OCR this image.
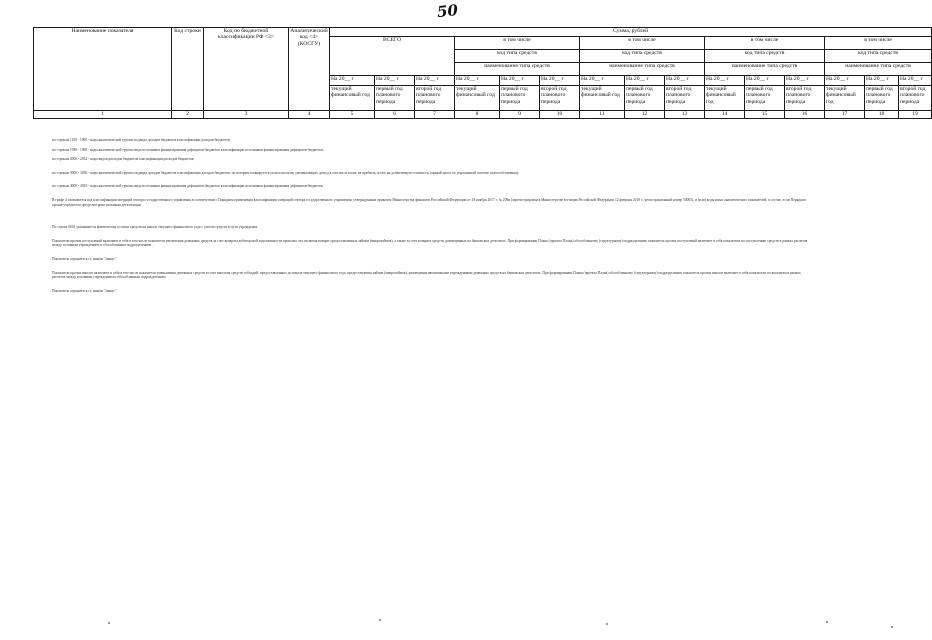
50
Наименование показателя	Код строки	Код по бюджетной классификации РФ <3>	Аналитический код <4> (КОСГУ)	Сумма, рублей														
				ВСЕГО			в том числе			в том числе			в том числе			в том числе		
							код типа средств			код типа средств			код типа средств			код типа средств		
							наименование типа средств			наименование типа средств			наименование типа средств			наименование типа средств		
				На 20__ г	На 20__ г	На 20__ г	На 20__ г	На 20__ г	На 20__ г	На 20__ г	На 20__ г	На 20__ г	На 20__ г	На 20__ г	На 20__ г	На 20__ г	На 20__ г	На 20__ г
				текущий финансовый год	первый год планового периода	второй год планового периода	текущий финансовый год	первый год планового периода	второй год планового периода	текущий финансовый год	первый год планового периода	второй год планового периода	текущий финансовый год	первый год планового периода	второй год планового периода	текущий финансовый год	первый год планового периода	второй год планового периода
1	2	3	4	5	6	7	8	9	10	11	12	13	14	15	16	17	18	19

по строкам 1100 - 1900 - коды аналитической группы подвида доходов бюджетов классификации доходов бюджетов;

по строкам 1980 - 1990 - коды аналитической группы вида источников финансирования дефицитов бюджетов классификации источников финансирования дефицитов бюджетов;

по строкам 2000 - 2652 - коды видов расходов бюджетов классификации расходов бюджетов;

по строкам 3000 - 3030 - коды аналитической группы подвида доходов бюджетов классификации доходов бюджетов, по которым планируется уплата налогов, уменьшающих доход (в том числе налог на прибыль, налог на добавленную стоимость, единый налог по упрощенной системе налогообложения);

по строкам 4000 - 4010 - коды аналитической группы вида источников финансирования дефицитов бюджетов классификации источников финансирования дефицитов бюджетов

В графе 4 указывается код классификации операций сектора государственного управления в соответствии с Порядком применения классификации операций сектора государственного управления, утвержденным приказом Министерства финансов Российской Федерации от 29 ноября 2017 г. № 209н (зарегистрирован в Министерстве юстиции Российской Федерации 12 февраля 2018 г., регистрационный номер 50003), и (или) коды иных аналитических показателей, в случае, если Порядком органа-учредителя предусмотрена указанная детализация.

По строке 0001 указываются фактические остатки средств на начало текущего финансового года с учетом средств в пути учреждения

Показатели прочих поступлений включают в себя в том числе показатели увеличения денежных средств за счет возврата дебиторской задолженности прошлых лет, включая возврат предоставленных займов (микрозаймов), а также за счет возврата средств, размещенных на банковских депозитах. При формировании Плана (проекта Плана) обособленному (структурному) подразделению показатель прочих поступлений включает в себя показатели по поступлению средств в рамках расчетов между головным учреждением и обособленным подразделением

Показатель отражается со знаком "минус".

Показатели прочих выплат включают в себя в том числе показатели уменьшения денежных средств за счет выплаты средств субсидий, предоставленных до начала текущего финансового года, предоставления займов (микрозаймов), размещения автономными учреждениями денежных средств на банковских депозитах. При формировании Плана (проекта Плана) обособленному (структурному) подразделению показатель прочих выплат включает в себя показатели по выплатам в рамках расчетов между головным учреждением и обособленным подразделением

Показатель отражается со знаком "минус".
